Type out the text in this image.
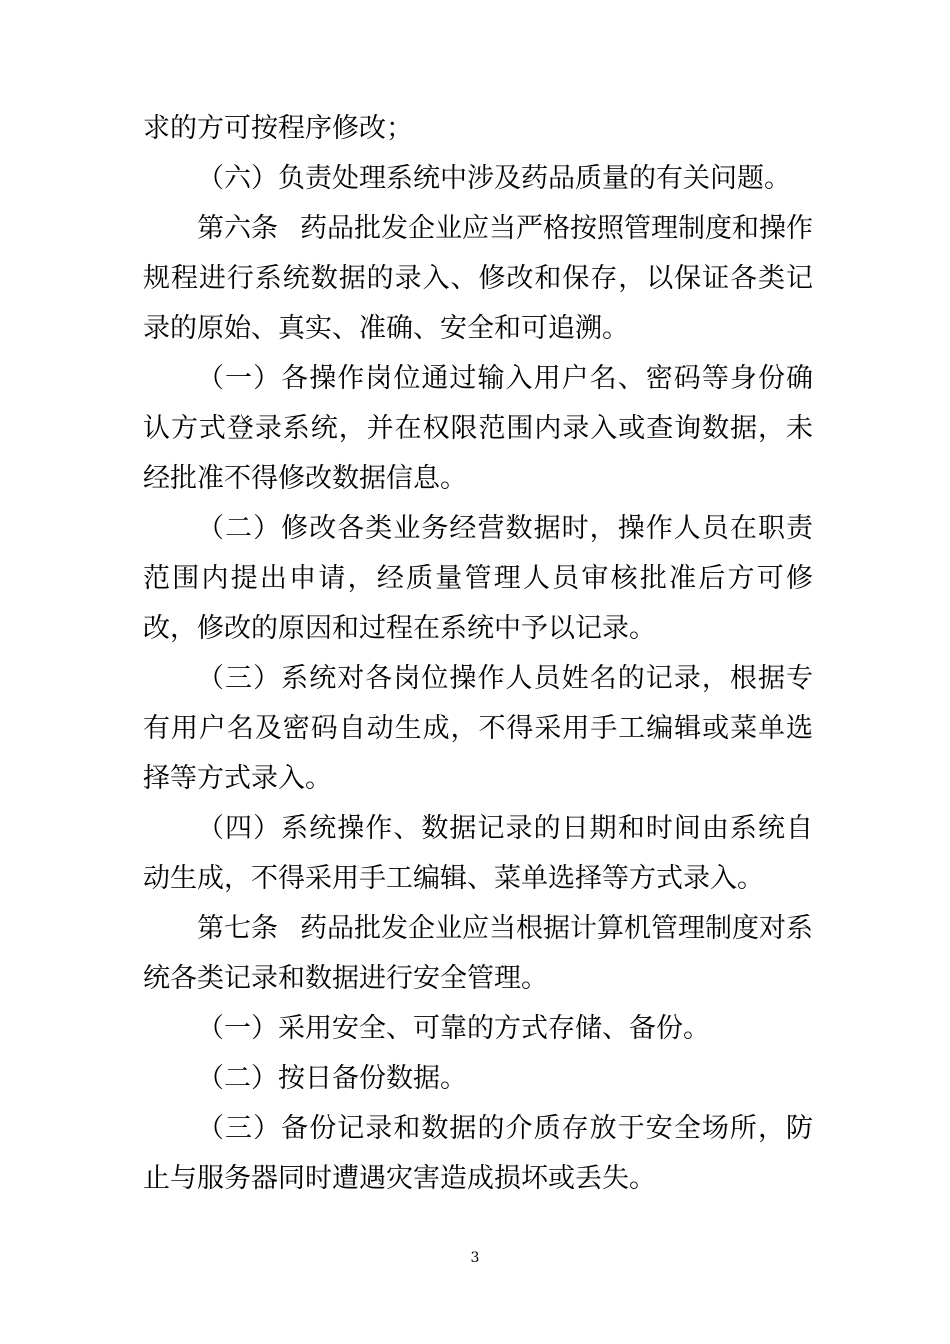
求的方可按程序修改；

（六）负责处理系统中涉及药品质量的有关问题。

第六条 药品批发企业应当严格按照管理制度和操作规程进行系统数据的录入、修改和保存，以保证各类记录的原始、真实、准确、安全和可追溯。

（一）各操作岗位通过输入用户名、密码等身份确认方式登录系统，并在权限范围内录入或查询数据，未经批准不得修改数据信息。

（二）修改各类业务经营数据时，操作人员在职责范围内提出申请，经质量管理人员审核批准后方可修改，修改的原因和过程在系统中予以记录。

（三）系统对各岗位操作人员姓名的记录，根据专有用户名及密码自动生成，不得采用手工编辑或菜单选择等方式录入。

（四）系统操作、数据记录的日期和时间由系统自动生成，不得采用手工编辑、菜单选择等方式录入。

第七条 药品批发企业应当根据计算机管理制度对系统各类记录和数据进行安全管理。

（一）采用安全、可靠的方式存储、备份。

（二）按日备份数据。

（三）备份记录和数据的介质存放于安全场所，防止与服务器同时遭遇灾害造成损坏或丢失。

3
